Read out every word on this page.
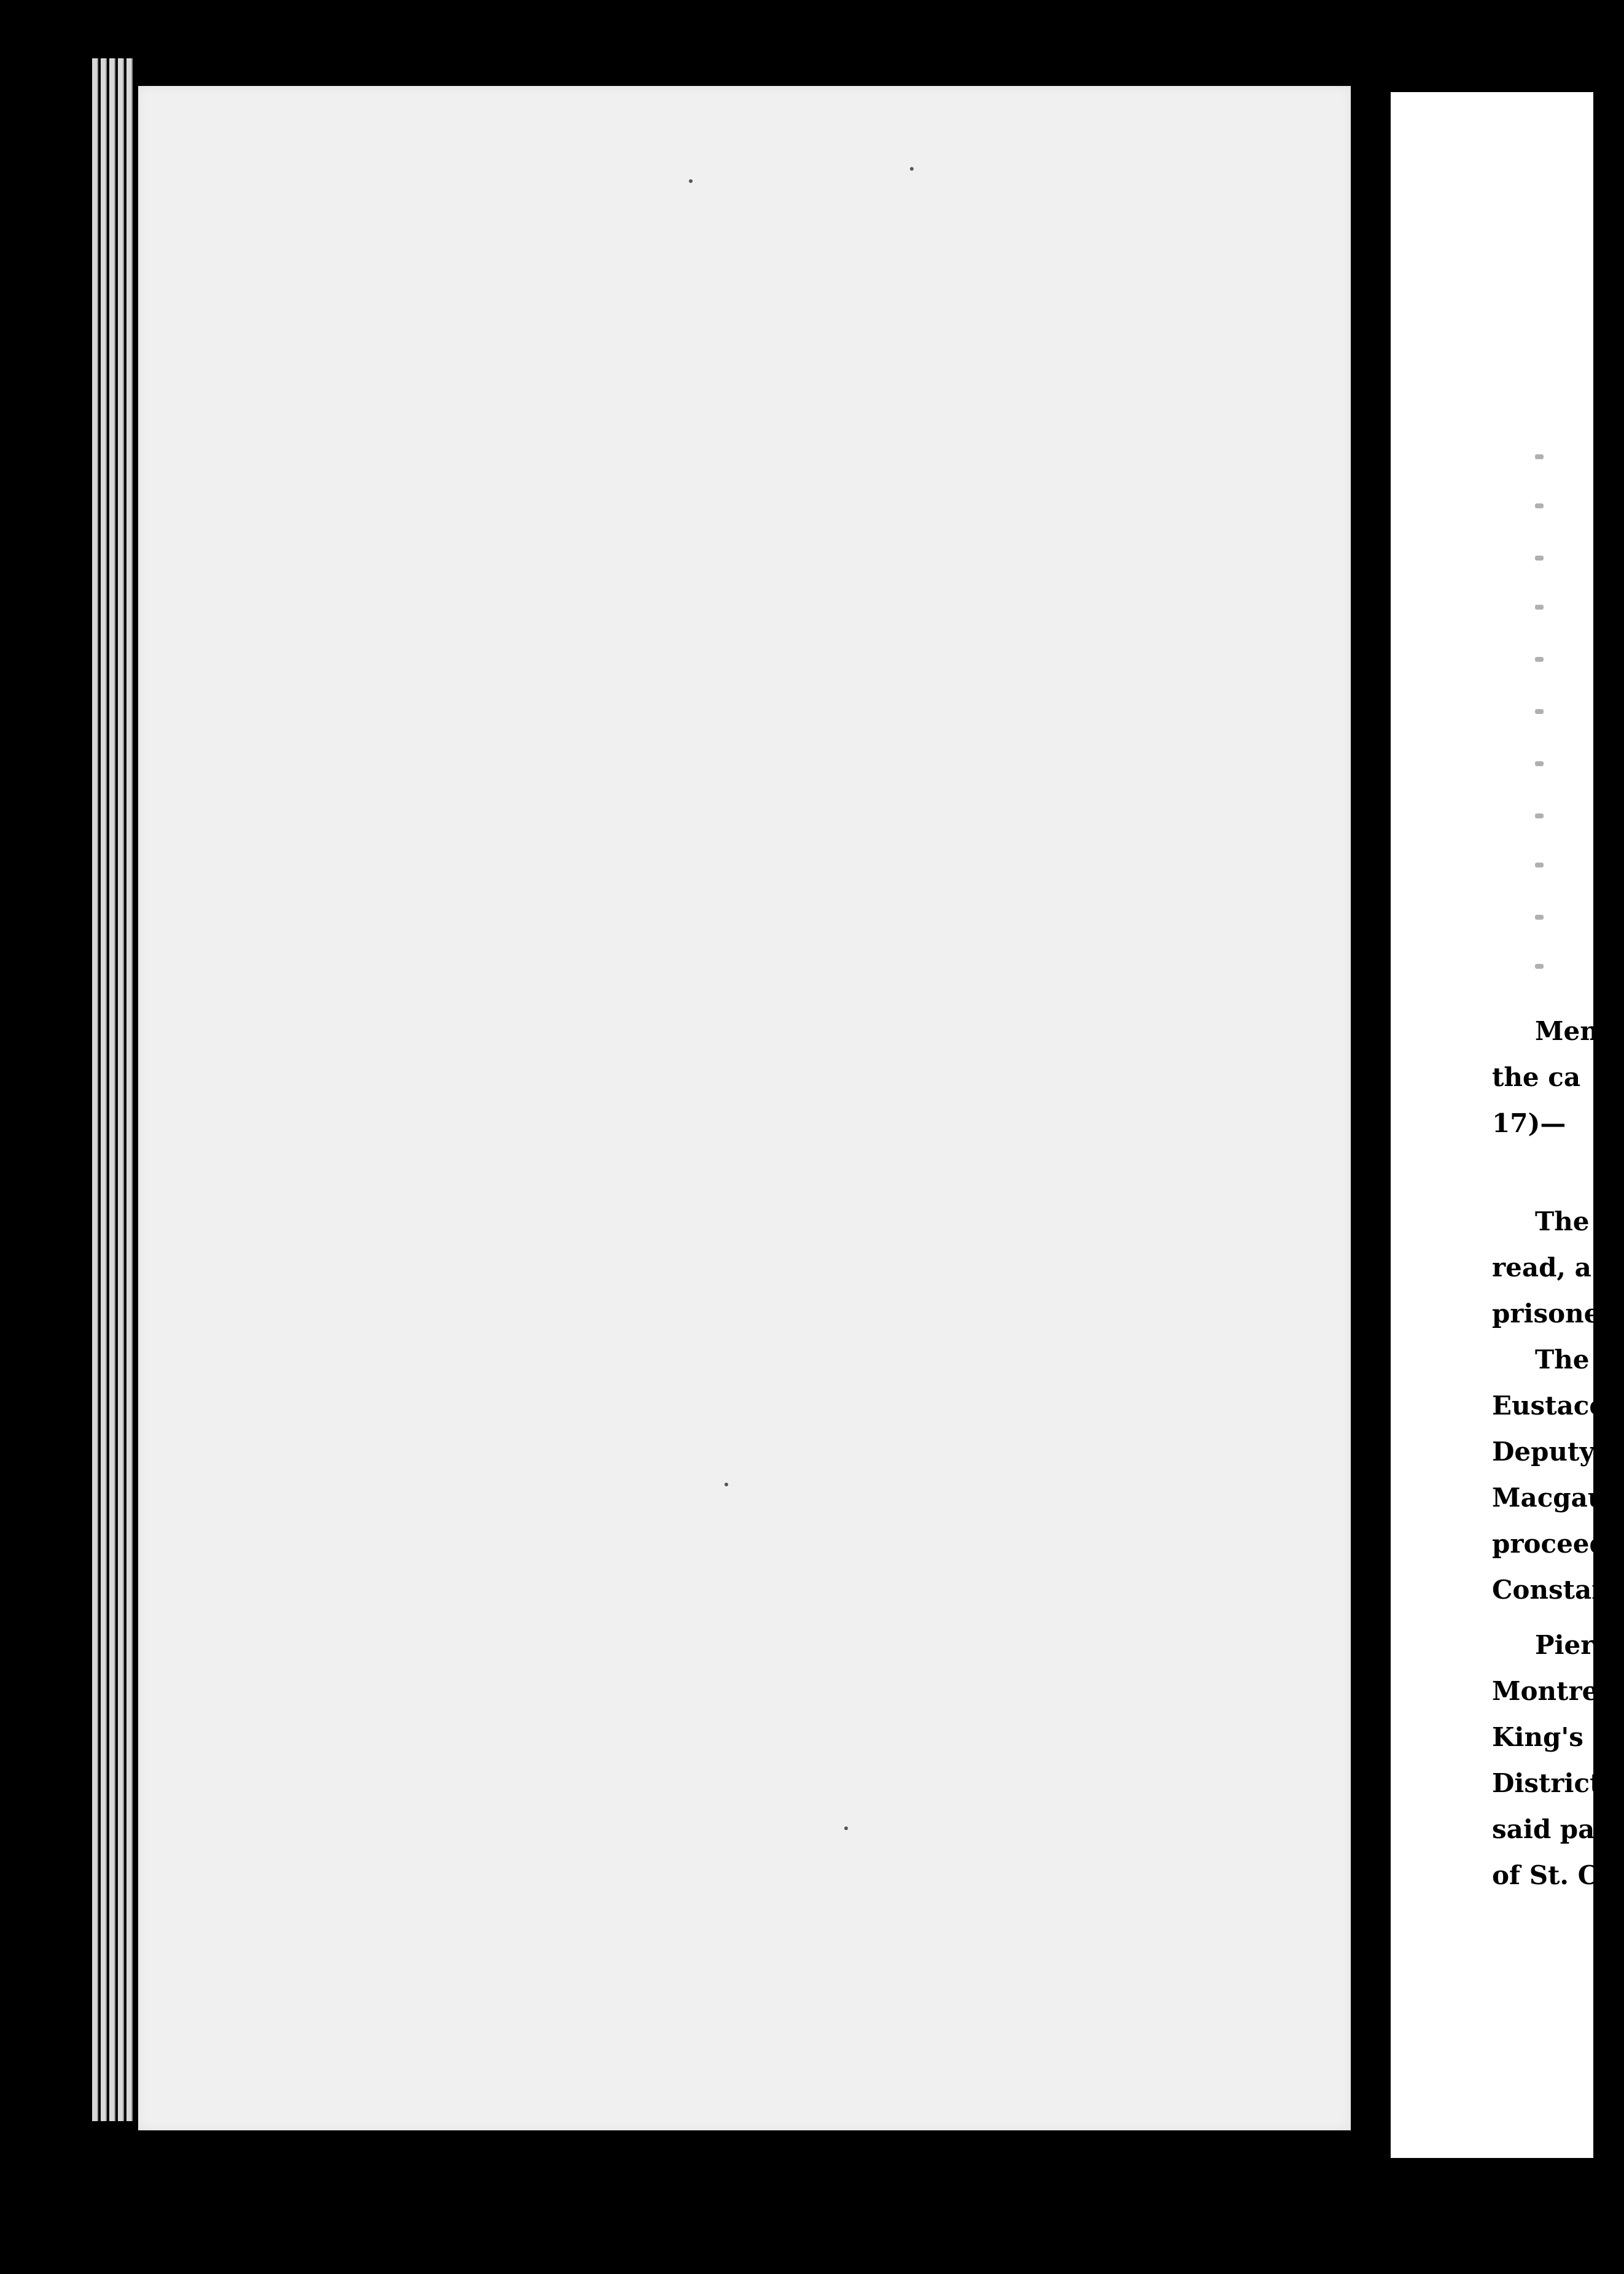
Men
the ca
17)—
The
read, a
prisone
The
Eustace
Deputy
Macgau
proceed
Constan
Pierre
Montrea
King's I
District
said pari
of St. C
